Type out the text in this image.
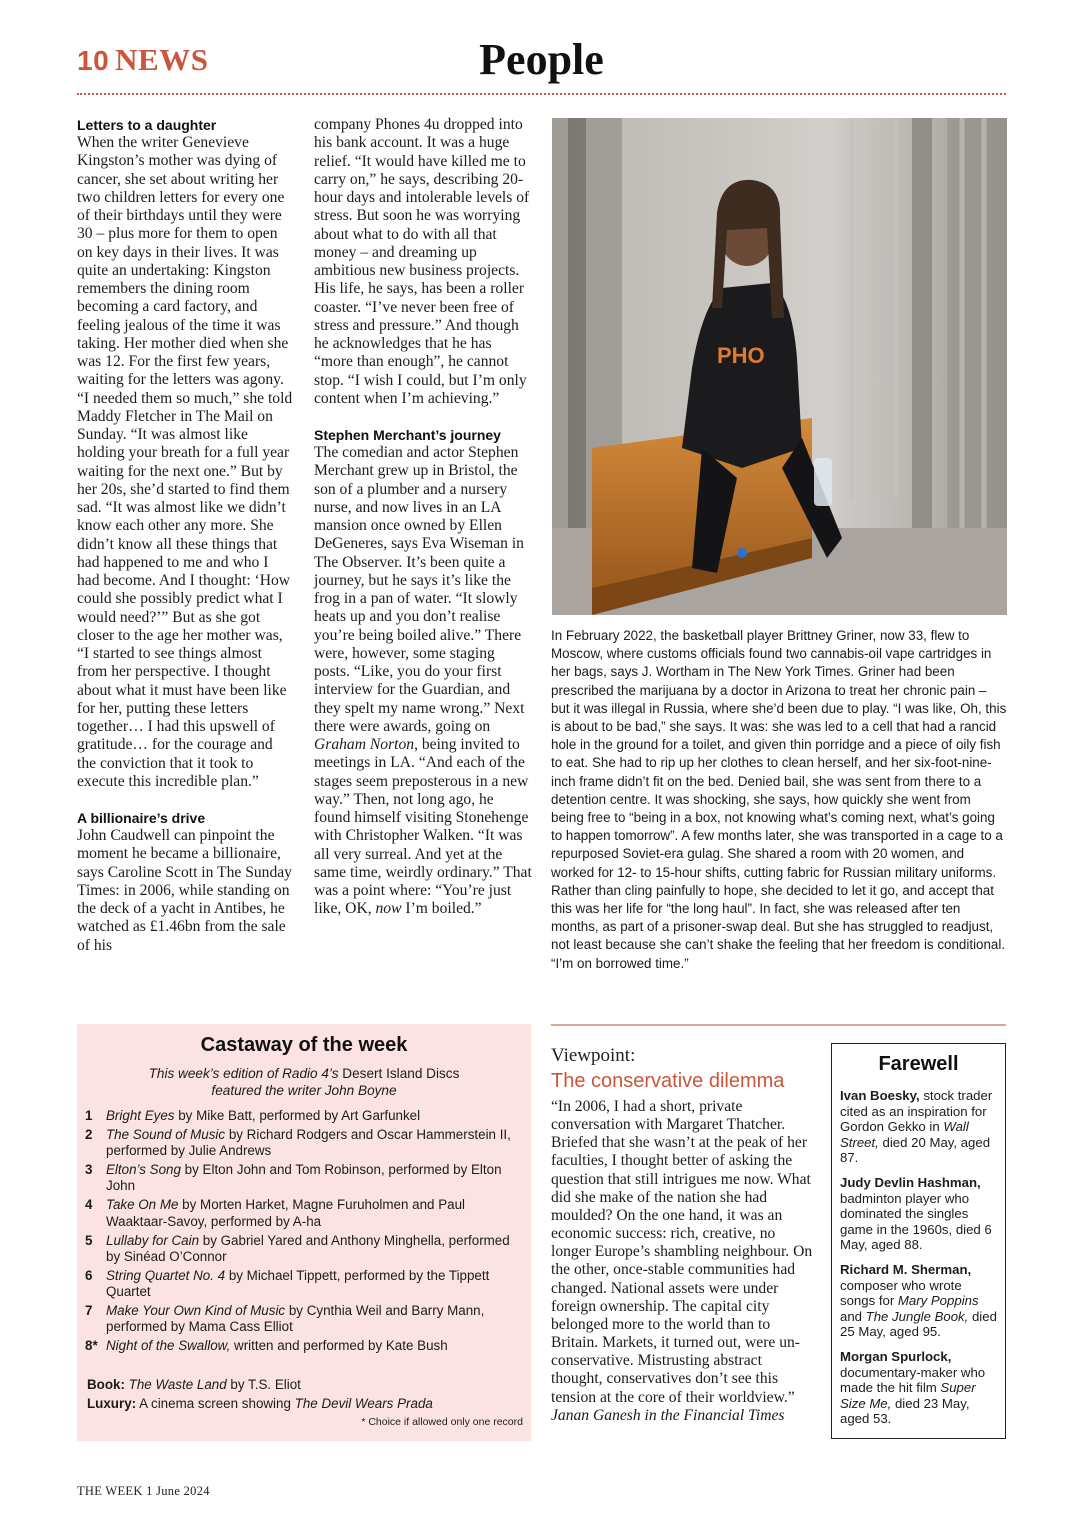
10 NEWS	People

Letters to a daughter

When the writer Genevieve Kingston’s mother was dying of cancer, she set about writing her two children letters for every one of their birthdays until they were 30 – plus more for them to open on key days in their lives. It was quite an undertaking: Kingston remembers the dining room becoming a card factory, and feeling jealous of the time it was taking. Her mother died when she was 12. For the first few years, waiting for the letters was agony. “I needed them so much,” she told Maddy Fletcher in The Mail on Sunday. “It was almost like holding your breath for a full year waiting for the next one.” But by her 20s, she’d started to find them sad. “It was almost like we didn’t know each other any more. She didn’t know all these things that had happened to me and who I had become. And I thought: ‘How could she possibly predict what I would need?’” But as she got closer to the age her mother was, “I started to see things almost from her perspective. I thought about what it must have been like for her, putting these letters together… I had this upswell of gratitude… for the courage and the conviction that it took to execute this incredible plan.”

A billionaire’s drive

John Caudwell can pinpoint the moment he became a billionaire, says Caroline Scott in The Sunday Times: in 2006, while standing on the deck of a yacht in Antibes, he watched as £1.46bn from the sale of his

company Phones 4u dropped into his bank account. It was a huge relief. “It would have killed me to carry on,” he says, describing 20-hour days and intolerable levels of stress. But soon he was worrying about what to do with all that money – and dreaming up ambitious new business projects. His life, he says, has been a roller coaster. “I’ve never been free of stress and pressure.” And though he acknowledges that he has “more than enough”, he cannot stop. “I wish I could, but I’m only content when I’m achieving.”

Stephen Merchant’s journey

The comedian and actor Stephen Merchant grew up in Bristol, the son of a plumber and a nursery nurse, and now lives in an LA mansion once owned by Ellen DeGeneres, says Eva Wiseman in The Observer. It’s been quite a journey, but he says it’s like the frog in a pan of water. “It slowly heats up and you don’t realise you’re being boiled alive.” There were, however, some staging posts. “Like, you do your first interview for the Guardian, and they spelt my name wrong.” Next there were awards, going on Graham Norton, being invited to meetings in LA. “And each of the stages seem preposterous in a new way.” Then, not long ago, he found himself visiting Stonehenge with Christopher Walken. “It was all very surreal. And yet at the same time, weirdly ordinary.” That was a point where: “You’re just like, OK, now I’m boiled.”

PHO
In February 2022, the basketball player Brittney Griner, now 33, flew to Moscow, where customs officials found two cannabis-oil vape cartridges in her bags, says J. Wortham in The New York Times. Griner had been prescribed the marijuana by a doctor in Arizona to treat her chronic pain – but it was illegal in Russia, where she’d been due to play. “I was like, Oh, this is about to be bad,” she says. It was: she was led to a cell that had a rancid hole in the ground for a toilet, and given thin porridge and a piece of oily fish to eat. She had to rip up her clothes to clean herself, and her six-foot-nine-inch frame didn’t fit on the bed. Denied bail, she was sent from there to a detention centre. It was shocking, she says, how quickly she went from being free to “being in a box, not knowing what’s coming next, what’s going to happen tomorrow”. A few months later, she was transported in a cage to a repurposed Soviet-era gulag. She shared a room with 20 women, and worked for 12- to 15-hour shifts, cutting fabric for Russian military uniforms. Rather than cling painfully to hope, she decided to let it go, and accept that this was her life for “the long haul”. In fact, she was released after ten months, as part of a prisoner-swap deal. But she has struggled to readjust, not least because she can’t shake the feeling that her freedom is conditional. “I’m on borrowed time.”
Castaway of the week
This week’s edition of Radio 4’s Desert Island Discs
featured the writer John Boyne
1	Bright Eyes by Mike Batt, performed by Art Garfunkel
2	The Sound of Music by Richard Rodgers and Oscar Hammerstein II, performed by Julie Andrews
3	Elton’s Song by Elton John and Tom Robinson, performed by Elton John
4	Take On Me by Morten Harket, Magne Furuholmen and Paul Waaktaar-Savoy, performed by A-ha
5	Lullaby for Cain by Gabriel Yared and Anthony Minghella, performed by Sinéad O’Connor
6	String Quartet No. 4 by Michael Tippett, performed by the Tippett Quartet
7	Make Your Own Kind of Music by Cynthia Weil and Barry Mann, performed by Mama Cass Elliot
8* Night of the Swallow, written and performed by Kate Bush
Book: The Waste Land by T.S. Eliot
Luxury: A cinema screen showing The Devil Wears Prada
* Choice if allowed only one record
Viewpoint:
The conservative dilemma
“In 2006, I had a short, private conversation with Margaret Thatcher. Briefed that she wasn’t at the peak of her faculties, I thought better of asking the question that still intrigues me now. What did she make of the nation she had moulded? On the one hand, it was an economic success: rich, creative, no longer Europe’s shambling neighbour. On the other, once-stable communities had changed. National assets were under foreign ownership. The capital city belonged more to the world than to Britain. Markets, it turned out, were un-conservative. Mistrusting abstract thought, conservatives don’t see this tension at the core of their worldview.”
Janan Ganesh in the Financial Times
Farewell
Ivan Boesky, stock trader cited as an inspiration for Gordon Gekko in Wall Street, died 20 May, aged 87.
Judy Devlin Hashman, badminton player who dominated the singles game in the 1960s, died 6 May, aged 88.
Richard M. Sherman, composer who wrote songs for Mary Poppins and The Jungle Book, died 25 May, aged 95.
Morgan Spurlock, documentary-maker who made the hit film Super Size Me, died 23 May, aged 53.
THE WEEK 1 June 2024
